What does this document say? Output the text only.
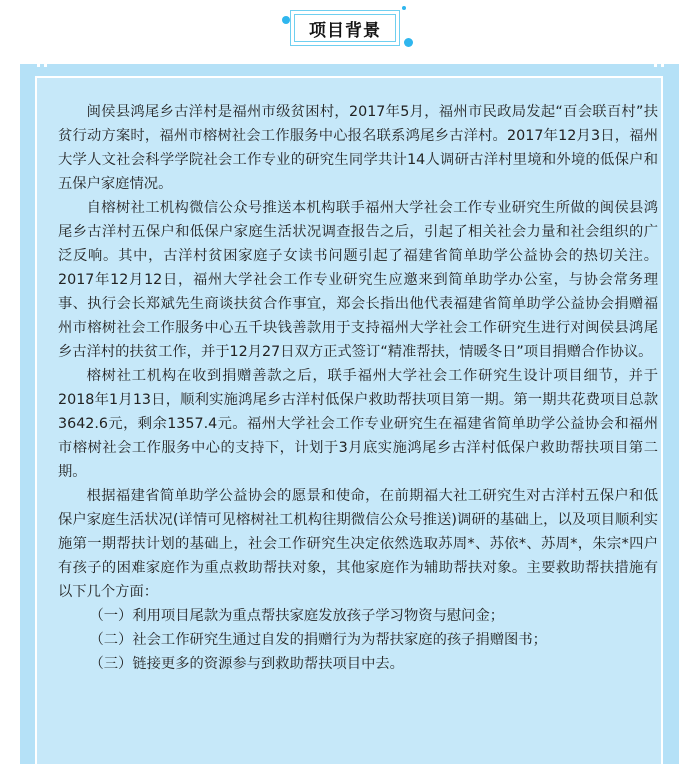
项目背景

闽侯县鸿尾乡古洋村是福州市级贫困村，2017年5月，福州市民政局发起“百会联百村”扶贫行动方案时，福州市榕树社会工作服务中心报名联系鸿尾乡古洋村。2017年12月3日，福州大学人文社会科学学院社会工作专业的研究生同学共计14人调研古洋村里境和外境的低保户和五保户家庭情况。

自榕树社工机构微信公众号推送本机构联手福州大学社会工作专业研究生所做的闽侯县鸿尾乡古洋村五保户和低保户家庭生活状况调查报告之后，引起了相关社会力量和社会组织的广泛反响。其中，古洋村贫困家庭子女读书问题引起了福建省简单助学公益协会的热切关注。2017年12月12日，福州大学社会工作专业研究生应邀来到简单助学办公室，与协会常务理事、执行会长郑斌先生商谈扶贫合作事宜，郑会长指出他代表福建省简单助学公益协会捐赠福州市榕树社会工作服务中心五千块钱善款用于支持福州大学社会工作研究生进行对闽侯县鸿尾乡古洋村的扶贫工作，并于12月27日双方正式签订“精准帮扶，情暖冬日”项目捐赠合作协议。

榕树社工机构在收到捐赠善款之后，联手福州大学社会工作研究生设计项目细节，并于2018年1月13日，顺利实施鸿尾乡古洋村低保户救助帮扶项目第一期。第一期共花费项目总款3642.6元，剩余1357.4元。福州大学社会工作专业研究生在福建省简单助学公益协会和福州市榕树社会工作服务中心的支持下，计划于3月底实施鸿尾乡古洋村低保户救助帮扶项目第二期。

根据福建省简单助学公益协会的愿景和使命，在前期福大社工研究生对古洋村五保户和低保户家庭生活状况(详情可见榕树社工机构往期微信公众号推送)调研的基础上，以及项目顺利实施第一期帮扶计划的基础上，社会工作研究生决定依然选取苏周*、苏依*、苏周*，朱宗*四户有孩子的困难家庭作为重点救助帮扶对象，其他家庭作为辅助帮扶对象。主要救助帮扶措施有以下几个方面：

（一）利用项目尾款为重点帮扶家庭发放孩子学习物资与慰问金；

（二）社会工作研究生通过自发的捐赠行为为帮扶家庭的孩子捐赠图书；

（三）链接更多的资源参与到救助帮扶项目中去。
